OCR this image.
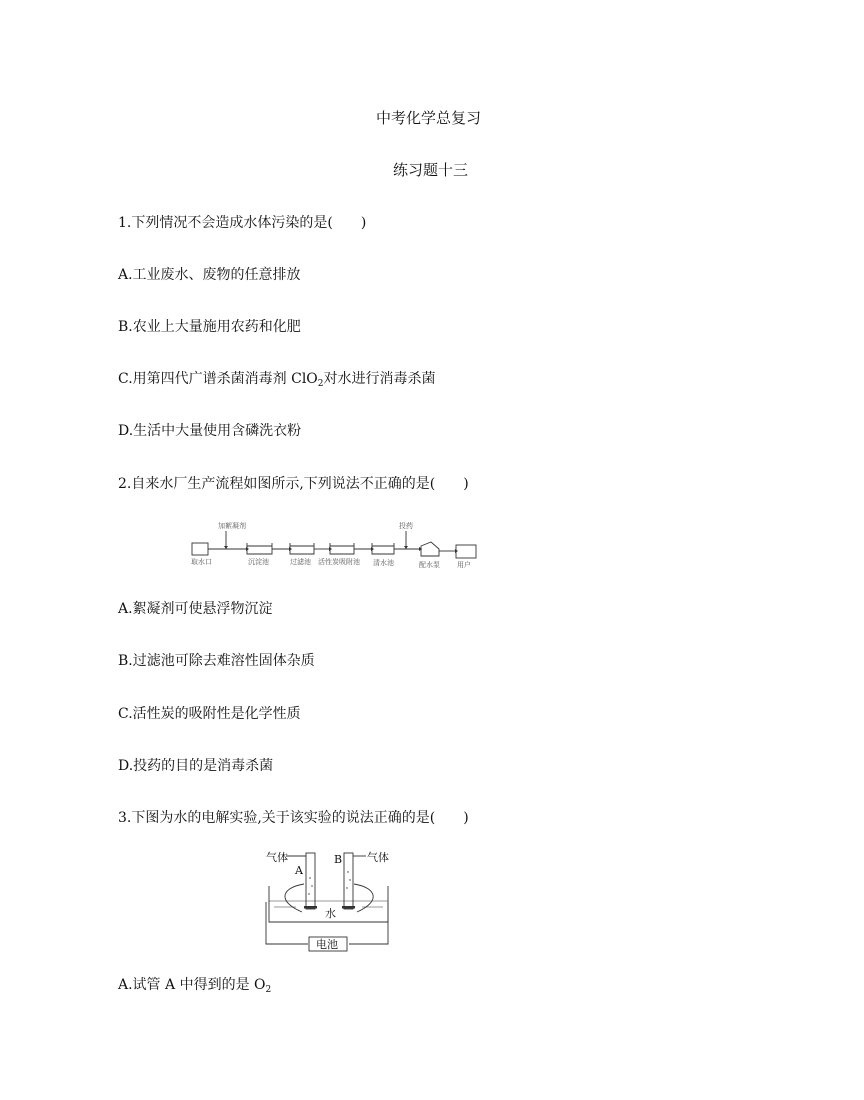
中考化学总复习
练习题十三
1.下列情况不会造成水体污染的是(　　)
A.工业废水、废物的任意排放
B.农业上大量施用农药和化肥
C.用第四代广谱杀菌消毒剂 ClO$_2$对水进行消毒杀菌
D.生活中大量使用含磷洗衣粉
2.自来水厂生产流程如图所示,下列说法不正确的是(　　)
加絮凝剂
取水口	沉淀池	过滤池 活性炭吸附池 清水池
投药
配水泵 用户
A.絮凝剂可使悬浮物沉淀
B.过滤池可除去难溶性固体杂质
C.活性炭的吸附性是化学性质
D.投药的目的是消毒杀菌
3.下图为水的电解实验,关于该实验的说法正确的是(　　)
气体	气体
A
B
水
电池
A.试管 A 中得到的是 $O_2$
